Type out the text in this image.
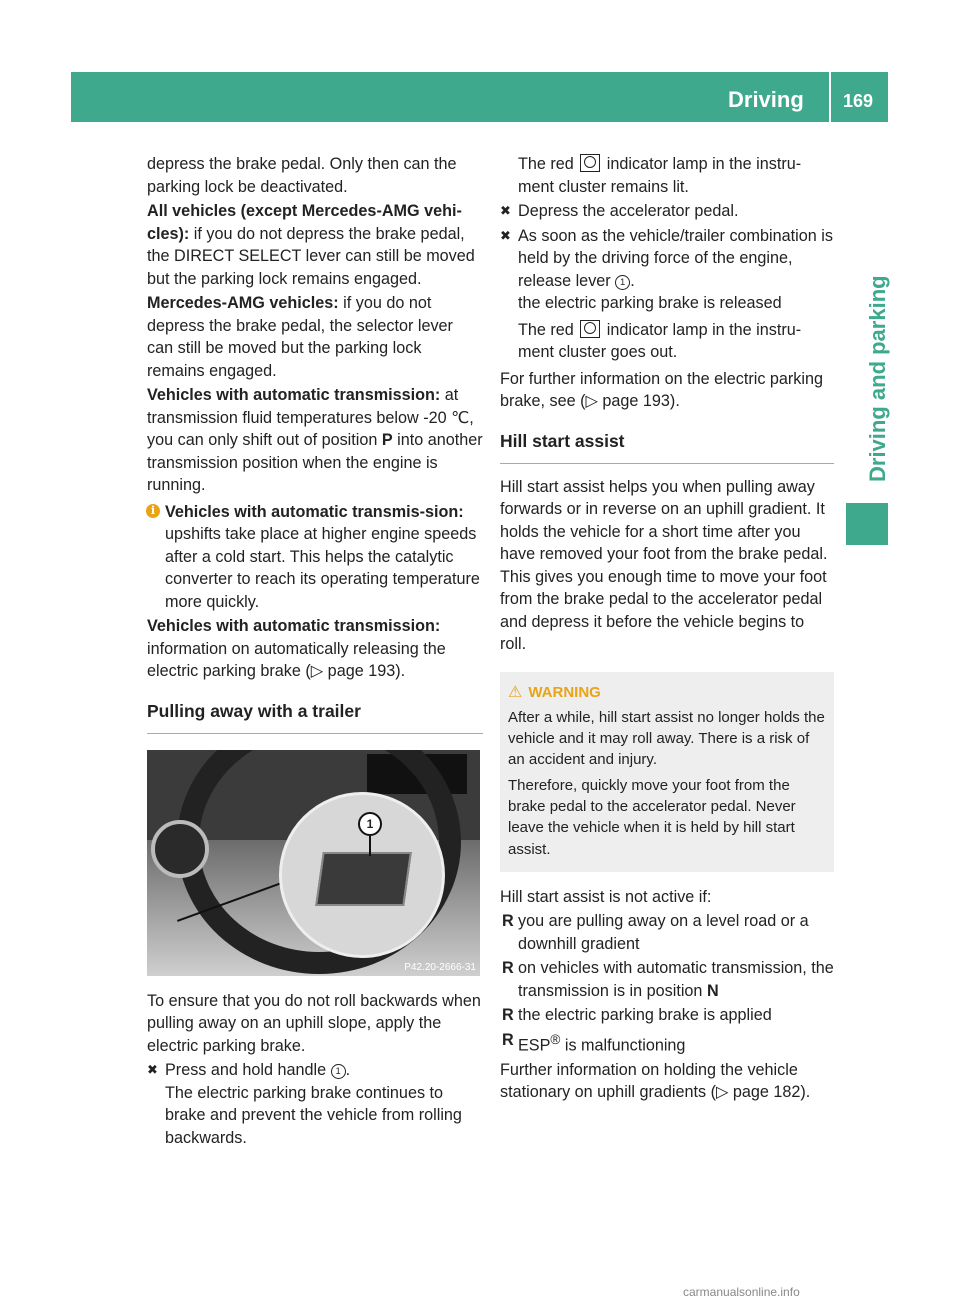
Driving 169
Driving and parking

depress the brake pedal. Only then can the parking lock be deactivated.

All vehicles (except Mercedes-AMG vehi-cles): if you do not depress the brake pedal, the DIRECT SELECT lever can still be moved but the parking lock remains engaged.

Mercedes-AMG vehicles: if you do not depress the brake pedal, the selector lever can still be moved but the parking lock remains engaged.

Vehicles with automatic transmission: at transmission fluid temperatures below -20 ℃, you can only shift out of position P into another transmission position when the engine is running.

i Vehicles with automatic transmis-sion: upshifts take place at higher engine speeds after a cold start. This helps the catalytic converter to reach its operating temperature more quickly.

Vehicles with automatic transmission: information on automatically releasing the electric parking brake (▷ page 193).

Pulling away with a trailer
1
P42.20-2666-31

To ensure that you do not roll backwards when pulling away on an uphill slope, apply the electric parking brake.

✖ Press and hold handle 1 .
The electric parking brake continues to brake and prevent the vehicle from rolling backwards.
The red indicator lamp in the instru-ment cluster remains lit.
✖ Depress the accelerator pedal.
✖ As soon as the vehicle/trailer combination is held by the driving force of the engine, release lever 1 .
the electric parking brake is released
The red indicator lamp in the instru-ment cluster goes out.

For further information on the electric parking brake, see (▷ page 193).

Hill start assist

Hill start assist helps you when pulling away forwards or in reverse on an uphill gradient. It holds the vehicle for a short time after you have removed your foot from the brake pedal. This gives you enough time to move your foot from the brake pedal to the accelerator pedal and depress it before the vehicle begins to roll.

⚠ WARNING

After a while, hill start assist no longer holds the vehicle and it may roll away. There is a risk of an accident and injury.

Therefore, quickly move your foot from the brake pedal to the accelerator pedal. Never leave the vehicle when it is held by hill start assist.

Hill start assist is not active if:

R you are pulling away on a level road or a downhill gradient
R on vehicles with automatic transmission, the transmission is in position N
R the electric parking brake is applied
R ESP® is malfunctioning

Further information on holding the vehicle stationary on uphill gradients (▷ page 182).

carmanualsonline.info
